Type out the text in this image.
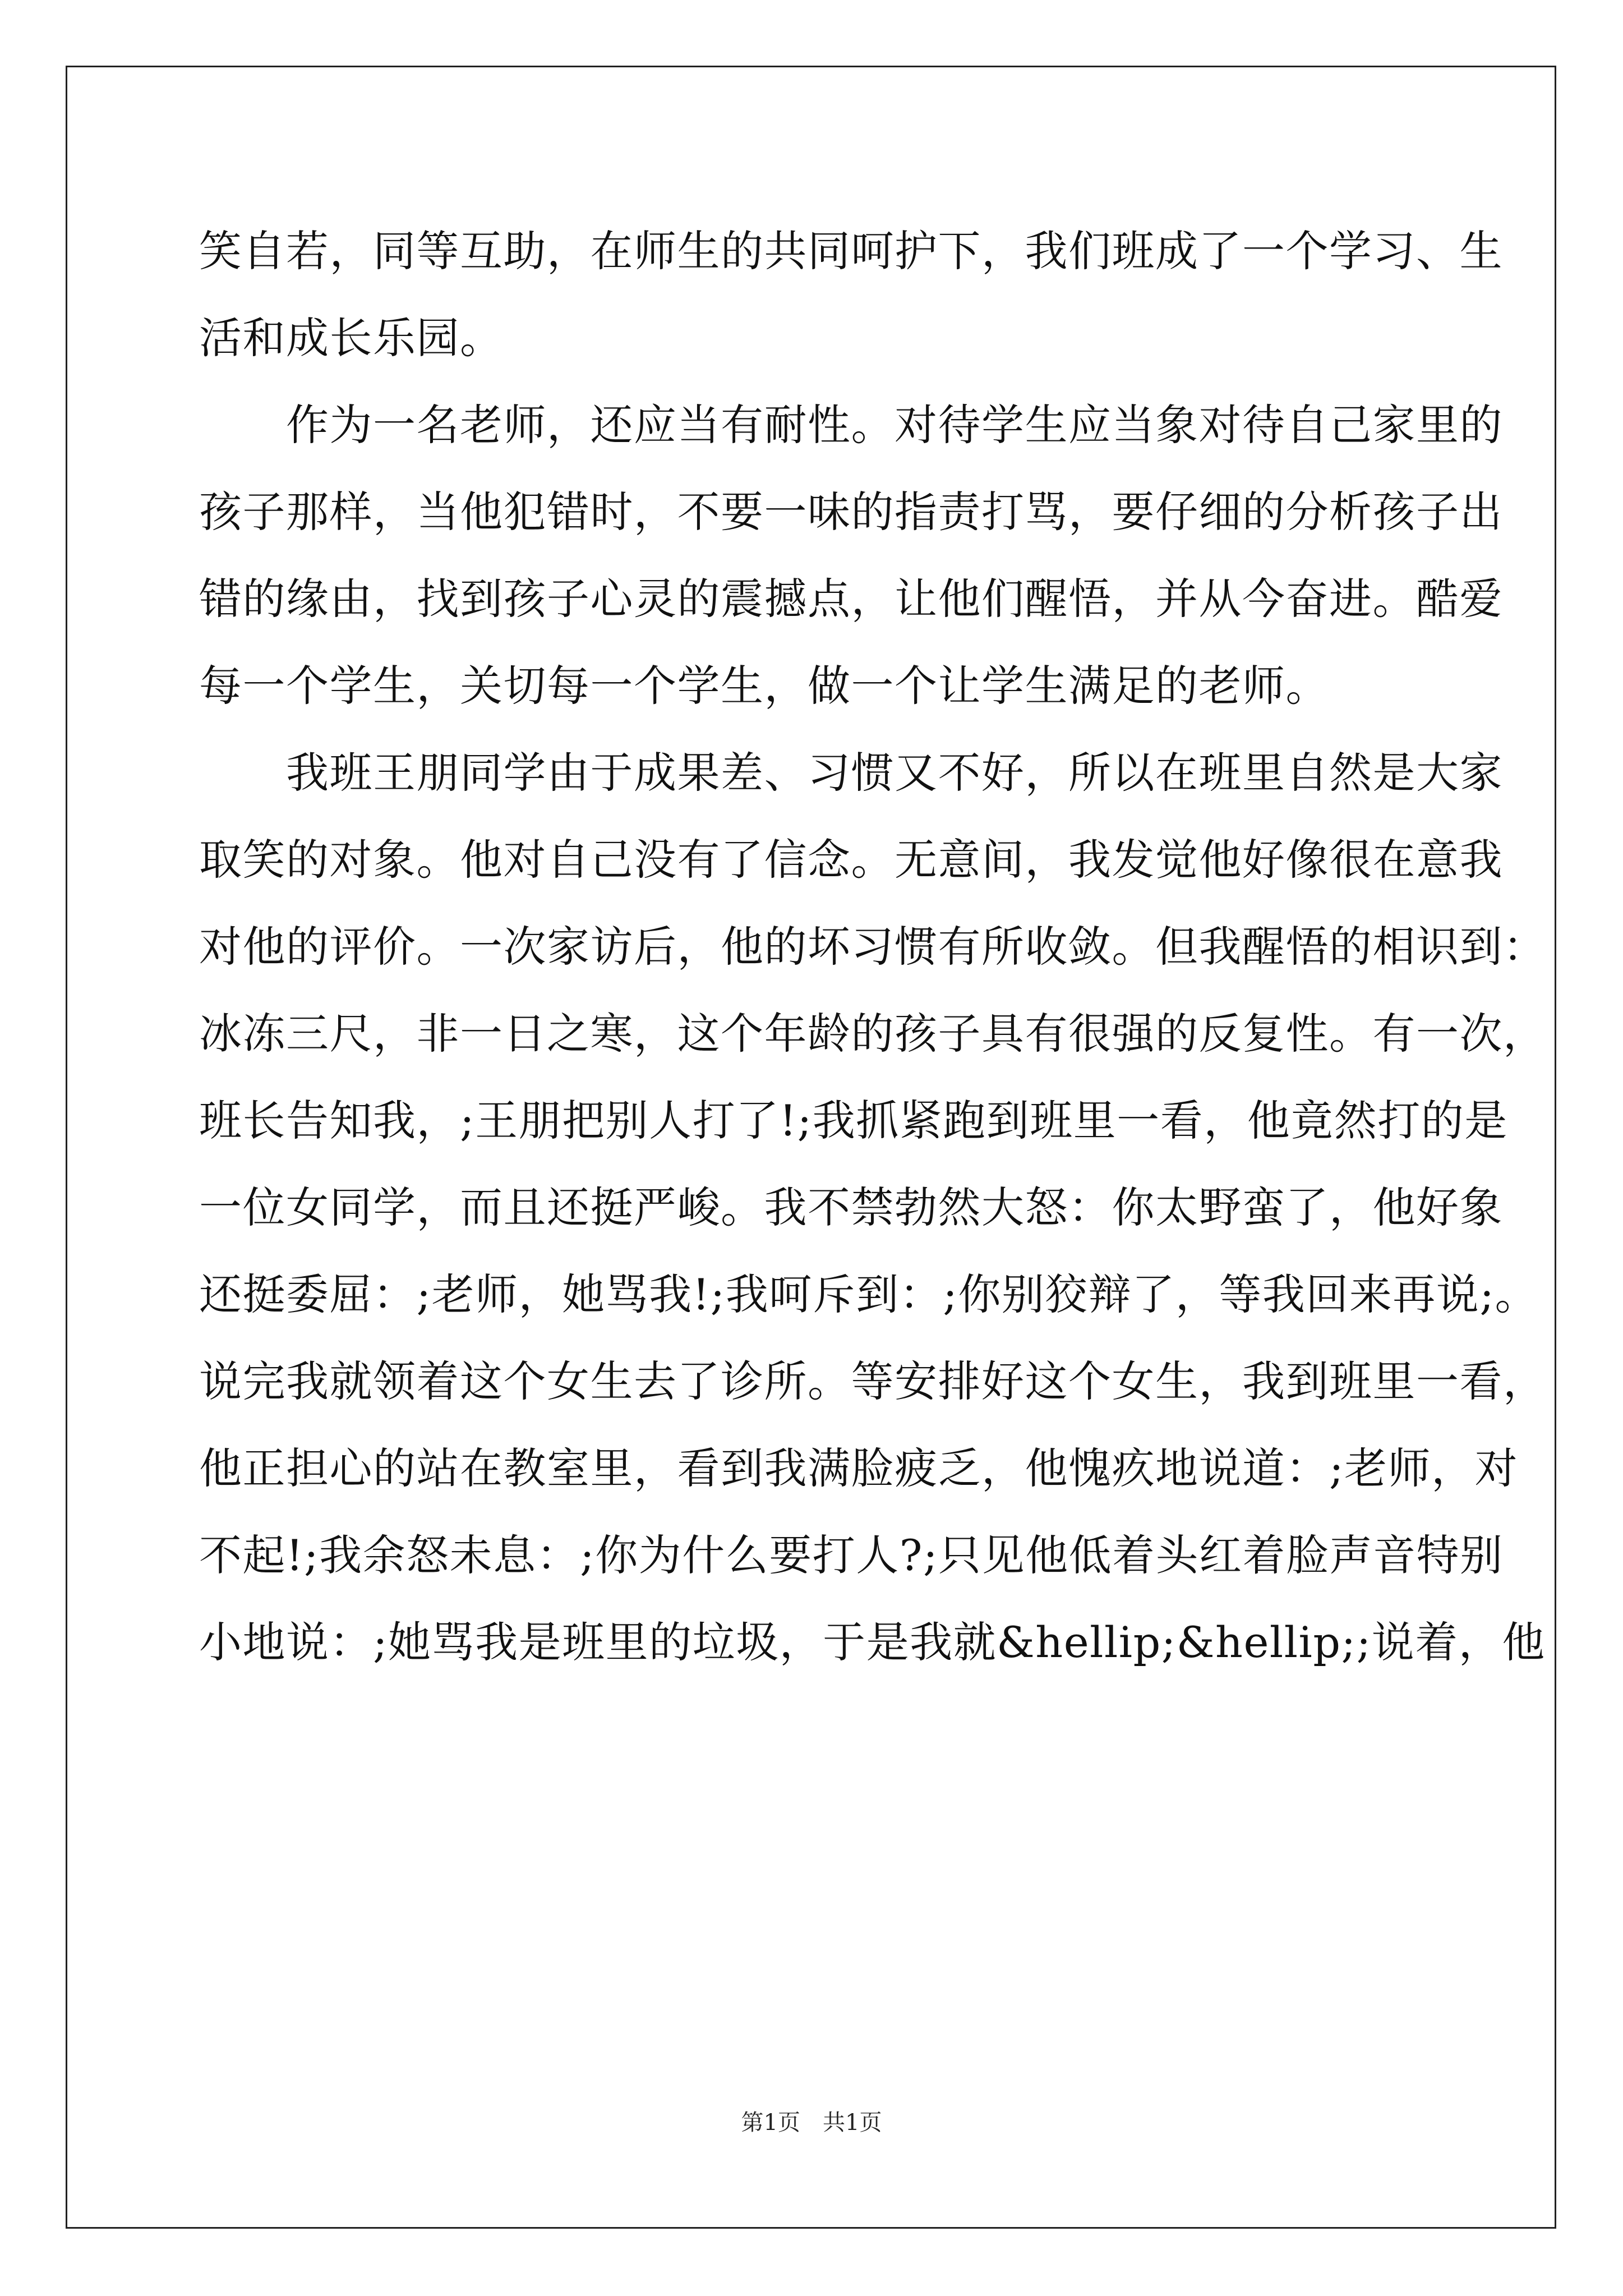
笑自若，同等互助，在师生的共同呵护下，我们班成了一个学习、生
活和成长乐园。
　　作为一名老师，还应当有耐性。对待学生应当象对待自己家里的
孩子那样，当他犯错时，不要一味的指责打骂，要仔细的分析孩子出
错的缘由，找到孩子心灵的震撼点，让他们醒悟，并从今奋进。酷爱
每一个学生，关切每一个学生，做一个让学生满足的老师。
　　我班王朋同学由于成果差、习惯又不好，所以在班里自然是大家
取笑的对象。他对自己没有了信念。无意间，我发觉他好像很在意我
对他的评价。一次家访后，他的坏习惯有所收敛。但我醒悟的相识到：
冰冻三尺，非一日之寒，这个年龄的孩子具有很强的反复性。有一次，
班长告知我，;王朋把别人打了!;我抓紧跑到班里一看，他竟然打的是
一位女同学，而且还挺严峻。我不禁勃然大怒：你太野蛮了，他好象
还挺委屈：;老师，她骂我!;我呵斥到：;你别狡辩了，等我回来再说;。
说完我就领着这个女生去了诊所。等安排好这个女生，我到班里一看，
他正担心的站在教室里，看到我满脸疲乏，他愧疚地说道：;老师，对
不起!;我余怒未息：;你为什么要打人?;只见他低着头红着脸声音特别
小地说：;她骂我是班里的垃圾，于是我就&hellip;&hellip;;说着，他
第1页　共1页
